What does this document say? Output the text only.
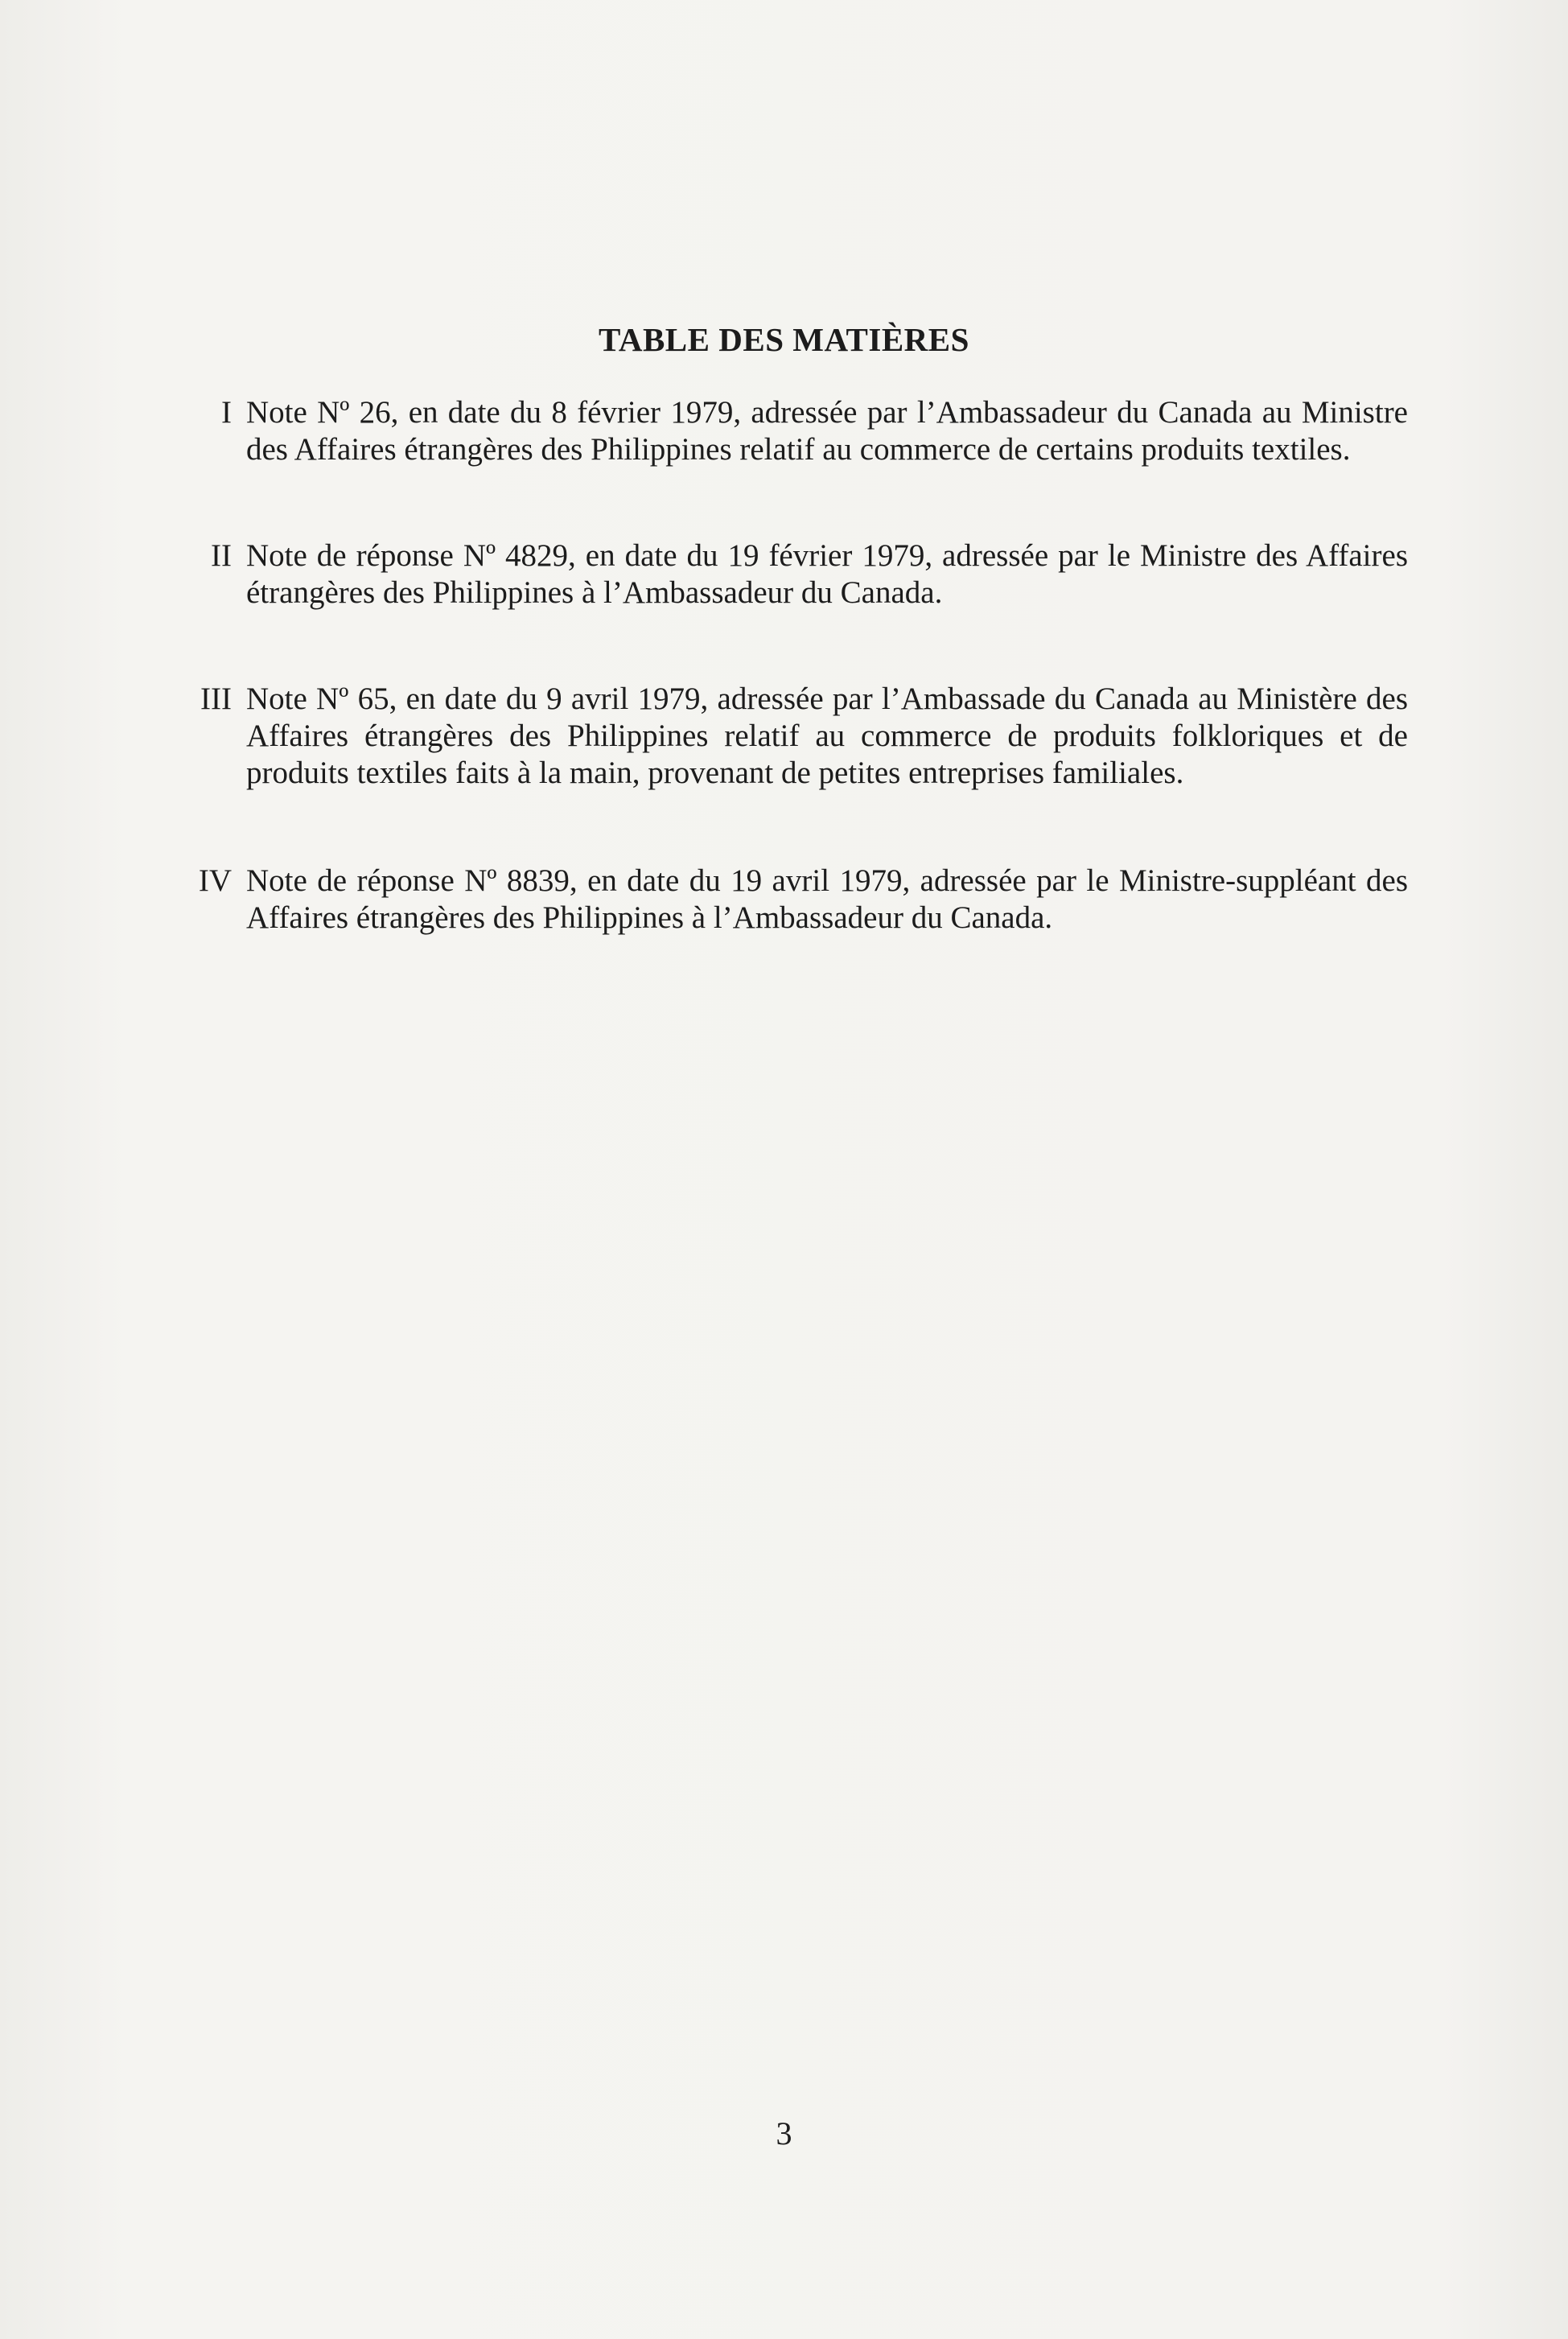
TABLE DES MATIÈRES
I Note Nº 26, en date du 8 février 1979, adressée par l’Ambassadeur du Canada au Ministre des Affaires étrangères des Philippines relatif au commerce de certains produits textiles.
II Note de réponse Nº 4829, en date du 19 février 1979, adressée par le Ministre des Affaires étrangères des Philippines à l’Ambassadeur du Canada.
III Note Nº 65, en date du 9 avril 1979, adressée par l’Ambassade du Canada au Ministère des Affaires étrangères des Philippines relatif au commerce de produits folkloriques et de produits textiles faits à la main, provenant de petites entreprises familiales.
IV Note de réponse Nº 8839, en date du 19 avril 1979, adressée par le Ministre-suppléant des Affaires étrangères des Philippines à l’Ambassadeur du Canada.

3
